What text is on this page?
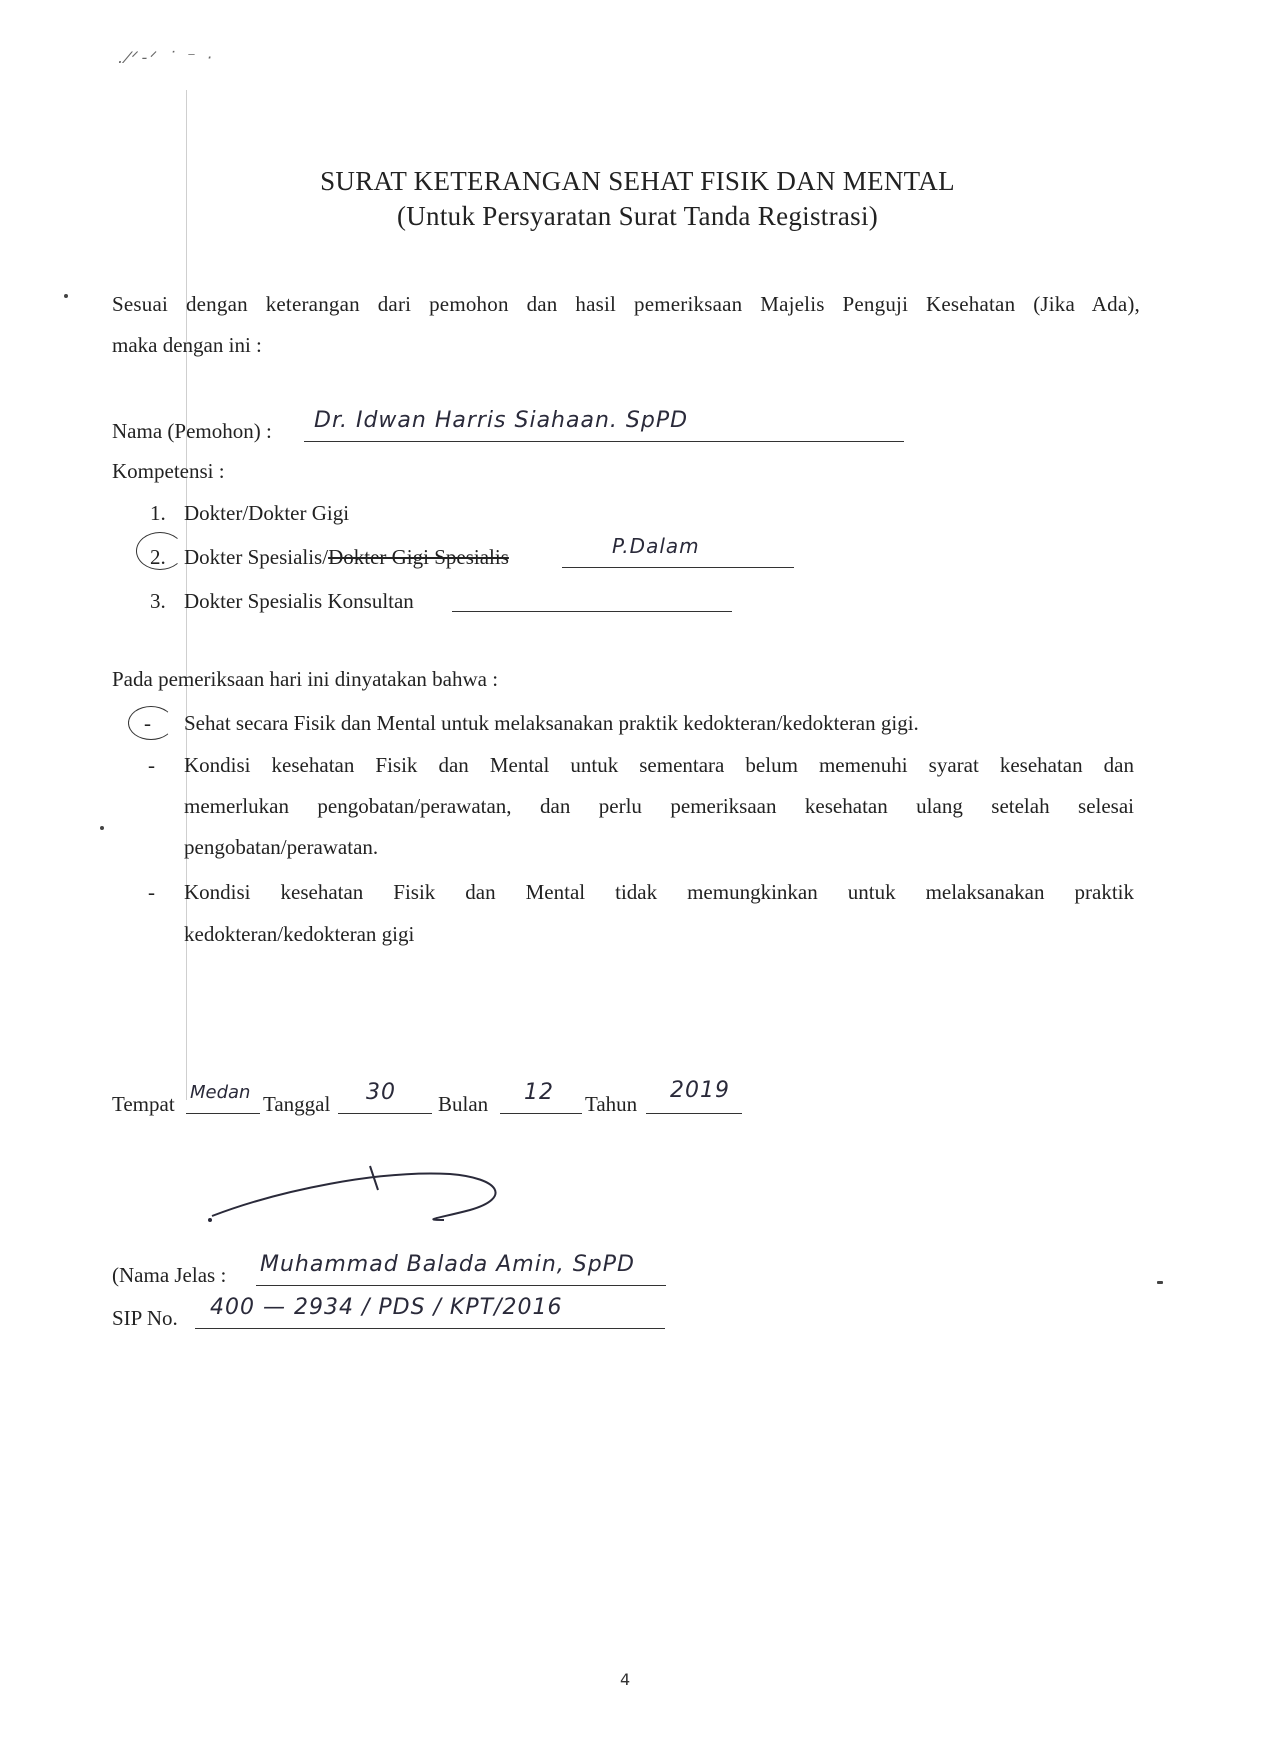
.⁄ᐟ‑ᐟ ˙ ⁻ ·
SURAT KETERANGAN SEHAT FISIK DAN MENTAL
(Untuk Persyaratan Surat Tanda Registrasi)
Sesuai dengan keterangan dari pemohon dan hasil pemeriksaan Majelis Penguji Kesehatan (Jika Ada),
maka dengan ini :
Nama (Pemohon) : Dr. Idwan Harris Siahaan. SpPD
Kompetensi :
1. Dokter/Dokter Gigi
2. Dokter Spesialis/Dokter Gigi Spesialis	P.Dalam
3. Dokter Spesialis Konsultan
Pada pemeriksaan hari ini dinyatakan bahwa :
- Sehat secara Fisik dan Mental untuk melaksanakan praktik kedokteran/kedokteran gigi.
- Kondisi kesehatan Fisik dan Mental untuk sementara belum memenuhi syarat kesehatan dan
memerlukan pengobatan/perawatan, dan perlu pemeriksaan kesehatan ulang setelah selesai
pengobatan/perawatan.
- Kondisi kesehatan Fisik dan Mental tidak memungkinkan untuk melaksanakan praktik
kedokteran/kedokteran gigi
Tempat Medan Tanggal 30 Bulan 12 Tahun
2019
(Nama Jelas : Muhammad Balada Amin, SpPD
SIP No. 400 — 2934 / PDS / KPT/2016
4
